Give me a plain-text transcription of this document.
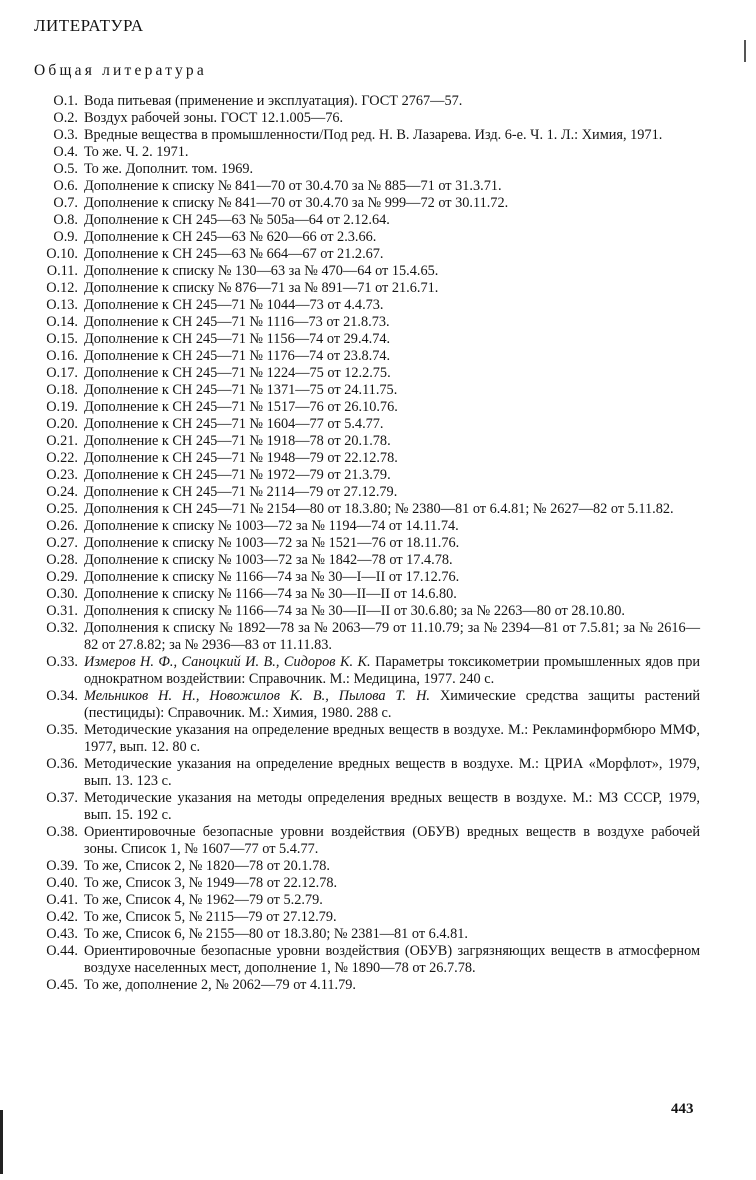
ЛИТЕРАТУРА
Общая литература
О.1. Вода питьевая (применение и эксплуатация). ГОСТ 2767—57.
О.2. Воздух рабочей зоны. ГОСТ 12.1.005—76.
О.3. Вредные вещества в промышленности/Под ред. Н. В. Лазарева. Изд. 6-е. Ч. 1. Л.: Химия, 1971.
О.4. То же. Ч. 2. 1971.
О.5. То же. Дополнит. том. 1969.
О.6. Дополнение к списку № 841—70 от 30.4.70 за № 885—71 от 31.3.71.
О.7. Дополнение к списку № 841—70 от 30.4.70 за № 999—72 от 30.11.72.
О.8. Дополнение к СН 245—63 № 505а—64 от 2.12.64.
О.9. Дополнение к СН 245—63 № 620—66 от 2.3.66.
О.10. Дополнение к СН 245—63 № 664—67 от 21.2.67.
О.11. Дополнение к списку № 130—63 за № 470—64 от 15.4.65.
О.12. Дополнение к списку № 876—71 за № 891—71 от 21.6.71.
О.13. Дополнение к СН 245—71 № 1044—73 от 4.4.73.
О.14. Дополнение к СН 245—71 № 1116—73 от 21.8.73.
О.15. Дополнение к СН 245—71 № 1156—74 от 29.4.74.
О.16. Дополнение к СН 245—71 № 1176—74 от 23.8.74.
О.17. Дополнение к СН 245—71 № 1224—75 от 12.2.75.
О.18. Дополнение к СН 245—71 № 1371—75 от 24.11.75.
О.19. Дополнение к СН 245—71 № 1517—76 от 26.10.76.
О.20. Дополнение к СН 245—71 № 1604—77 от 5.4.77.
О.21. Дополнение к СН 245—71 № 1918—78 от 20.1.78.
О.22. Дополнение к СН 245—71 № 1948—79 от 22.12.78.
О.23. Дополнение к СН 245—71 № 1972—79 от 21.3.79.
О.24. Дополнение к СН 245—71 № 2114—79 от 27.12.79.
О.25. Дополнения к СН 245—71 № 2154—80 от 18.3.80; № 2380—81 от 6.4.81; № 2627—82 от 5.11.82.
О.26. Дополнение к списку № 1003—72 за № 1194—74 от 14.11.74.
О.27. Дополнение к списку № 1003—72 за № 1521—76 от 18.11.76.
О.28. Дополнение к списку № 1003—72 за № 1842—78 от 17.4.78.
О.29. Дополнение к списку № 1166—74 за № 30—I—II от 17.12.76.
О.30. Дополнение к списку № 1166—74 за № 30—II—II от 14.6.80.
О.31. Дополнения к списку № 1166—74 за № 30—II—II от 30.6.80; за № 2263—80 от 28.10.80.
О.32. Дополнения к списку № 1892—78 за № 2063—79 от 11.10.79; за № 2394—81 от 7.5.81; за № 2616—82 от 27.8.82; за № 2936—83 от 11.11.83.
О.33. Измеров Н. Ф., Саноцкий И. В., Сидоров К. К. Параметры токсикометрии промышленных ядов при однократном воздействии: Справочник. М.: Медицина, 1977. 240 с.
О.34. Мельников Н. Н., Новожилов К. В., Пылова Т. Н. Химические средства защиты растений (пестициды): Справочник. М.: Химия, 1980. 288 с.
О.35. Методические указания на определение вредных веществ в воздухе. М.: Рекламинформбюро ММФ, 1977, вып. 12. 80 с.
О.36. Методические указания на определение вредных веществ в воздухе. М.: ЦРИА «Морфлот», 1979, вып. 13. 123 с.
О.37. Методические указания на методы определения вредных веществ в воздухе. М.: МЗ СССР, 1979, вып. 15. 192 с.
О.38. Ориентировочные безопасные уровни воздействия (ОБУВ) вредных веществ в воздухе рабочей зоны. Список 1, № 1607—77 от 5.4.77.
О.39. То же, Список 2, № 1820—78 от 20.1.78.
О.40. То же, Список 3, № 1949—78 от 22.12.78.
О.41. То же, Список 4, № 1962—79 от 5.2.79.
О.42. То же, Список 5, № 2115—79 от 27.12.79.
О.43. То же, Список 6, № 2155—80 от 18.3.80; № 2381—81 от 6.4.81.
О.44. Ориентировочные безопасные уровни воздействия (ОБУВ) загрязняющих веществ в атмосферном воздухе населенных мест, дополнение 1, № 1890—78 от 26.7.78.
О.45. То же, дополнение 2, № 2062—79 от 4.11.79.
443
